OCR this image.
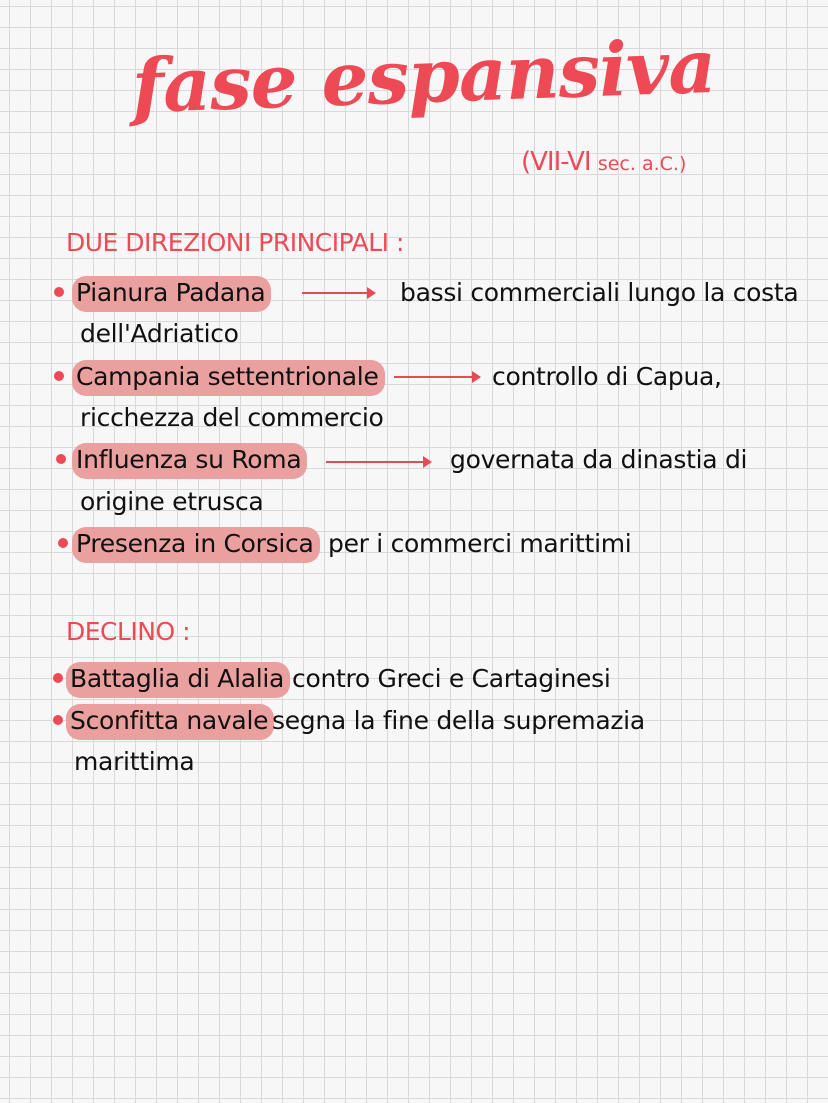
fase espansiva
(VII-VI sec. a.C.)
DUE DIREZIONI PRINCIPALI :
Pianura Padana	bassi commerciali lungo la costa
dell'Adriatico
Campania settentrionale	controllo di Capua,
ricchezza del commercio
Influenza su Roma	governata da dinastia di
origine etrusca
Presenza in Corsica per i commerci marittimi
DECLINO :
Battaglia di Alalia contro Greci e Cartaginesi
Sconfitta navale segna la fine della supremazia
marittima
